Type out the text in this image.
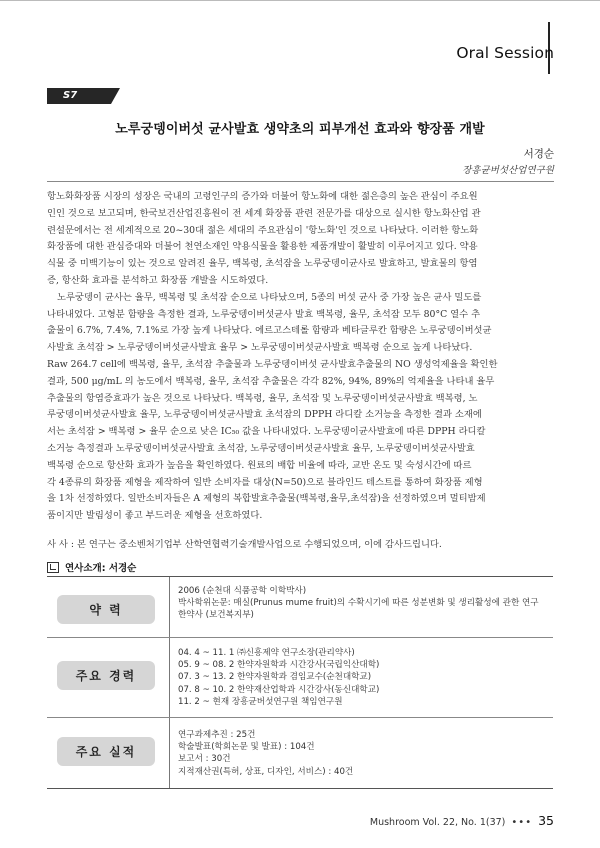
Oral Session
S7
노루궁뎅이버섯 균사발효 생약초의 피부개선 효과와 향장품 개발
서경순
장흥균버섯산업연구원

항노화화장품 시장의 성장은 국내의 고령인구의 증가와 더불어 항노화에 대한 젊은층의 높은 관심이 주요원

인인 것으로 보고되며, 한국보건산업진흥원이 전 세계 화장품 관련 전문가를 대상으로 실시한 항노화산업 관

련설문에서는 전 세계적으로 20~30대 젊은 세대의 주요관심이 '항노화'인 것으로 나타났다. 이러한 항노화

화장품에 대한 관심증대와 더불어 천연소재인 약용식물을 활용한 제품개발이 활발히 이루어지고 있다. 약용

식물 중 미백기능이 있는 것으로 알려진 율무, 백복령, 초석잠을 노루궁뎅이균사로 발효하고, 발효물의 항염

증, 항산화 효과를 분석하고 화장품 개발을 시도하였다.

노루궁뎅이 균사는 율무, 백복령 및 초석잠 순으로 나타났으며, 5종의 버섯 균사 중 가장 높은 균사 밀도를

나타내었다. 고형분 함량을 측정한 결과, 노루궁뎅이버섯균사 발효 백복령, 율무, 초석잠 모두 80°C 열수 추

출물이 6.7%, 7.4%, 7.1%로 가장 높게 나타났다. 에르고스테롤 함량과 베타글루칸 함량은 노루궁뎅이버섯균

사발효 초석잠 > 노루궁뎅이버섯균사발효 율무 > 노루궁뎅이버섯균사발효 백복령 순으로 높게 나타났다.

Raw 264.7 cell에 백복령, 율무, 초석잠 추출물과 노루궁뎅이버섯 균사발효추출물의 NO 생성억제율을 확인한

결과, 500 μg/mL 의 농도에서 백복령, 율무, 초석잠 추출물은 각각 82%, 94%, 89%의 억제율을 나타내 율무

추출물의 항염증효과가 높은 것으로 나타났다. 백복령, 율무, 초석잠 및 노루궁뎅이버섯균사발효 백복령, 노

루궁뎅이버섯균사발효 율무, 노루궁뎅이버섯균사발효 초석잠의 DPPH 라디칼 소거능을 측정한 결과 소재에

서는 초석잠 > 백복령 > 율무 순으로 낮은 IC₅₀ 값을 나타내었다. 노루궁뎅이균사발효에 따른 DPPH 라디칼

소거능 측정결과 노루궁뎅이버섯균사발효 초석잠, 노루궁뎅이버섯균사발효 율무, 노루궁뎅이버섯균사발효

백복령 순으로 항산화 효과가 높음을 확인하였다. 원료의 배합 비율에 따라, 교반 온도 및 숙성시간에 따르

각 4종류의 화장품 제형을 제작하여 일반 소비자를 대상(N=50)으로 블라인드 테스트를 통하여 화장품 제형

을 1차 선정하였다. 일반소비자들은 A 제형의 복합발효추출물(백복령,율무,초석잠)을 선정하였으며 멀티밤제

품이지만 발림성이 좋고 부드러운 제형을 선호하였다.

사 사 : 본 연구는 중소벤처기업부 산학연협력기술개발사업으로 수행되었으며, 이에 감사드립니다.
연사소개: 서경순
약 력
2006 (순천대 식품공학 이학박사)
박사학위논문: 매실(Prunus mume fruit)의 수확시기에 따른 성분변화 및 생리활성에 관한 연구
한약사 (보건복지부)
주요 경력
04. 4 ~ 11. 1 ㈜신흥제약 연구소장(관리약사)
05. 9 ~ 08. 2 한약자원학과 시간강사(국립익산대학)
07. 3 ~ 13. 2 한약자원학과 겸임교수(순천대학교)
07. 8 ~ 10. 2 한약재산업학과 시간강사(동신대학교)
11. 2 ~ 현재 장흥균버섯연구원 책임연구원
주요 실적
연구과제추진 : 25건
학술발표(학회논문 및 발표) : 104건
보고서 : 30건
지적재산권(특허, 상표, 디자인, 서비스) : 40건
Mushroom Vol. 22, No. 1(37) ••• 35
